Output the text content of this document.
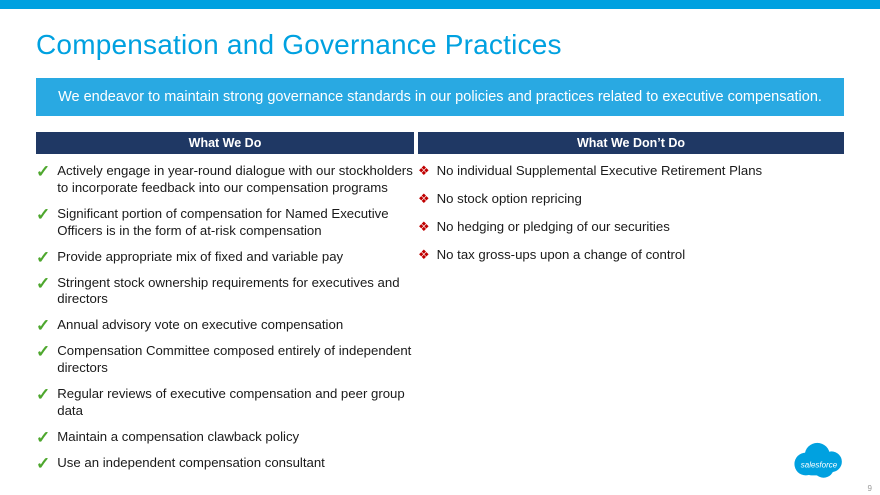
Compensation and Governance Practices
We endeavor to maintain strong governance standards in our policies and practices related to executive compensation.
What We Do
✓ Actively engage in year-round dialogue with our stockholders to incorporate feedback into our compensation programs
✓ Significant portion of compensation for Named Executive Officers is in the form of at-risk compensation
✓ Provide appropriate mix of fixed and variable pay
✓ Stringent stock ownership requirements for executives and directors
✓ Annual advisory vote on executive compensation
✓ Compensation Committee composed entirely of independent directors
✓ Regular reviews of executive compensation and peer group data
✓ Maintain a compensation clawback policy
✓ Use an independent compensation consultant
What We Don’t Do
❖ No individual Supplemental Executive Retirement Plans
❖ No stock option repricing
❖ No hedging or pledging of our securities
❖ No tax gross-ups upon a change of control
salesforce
9
